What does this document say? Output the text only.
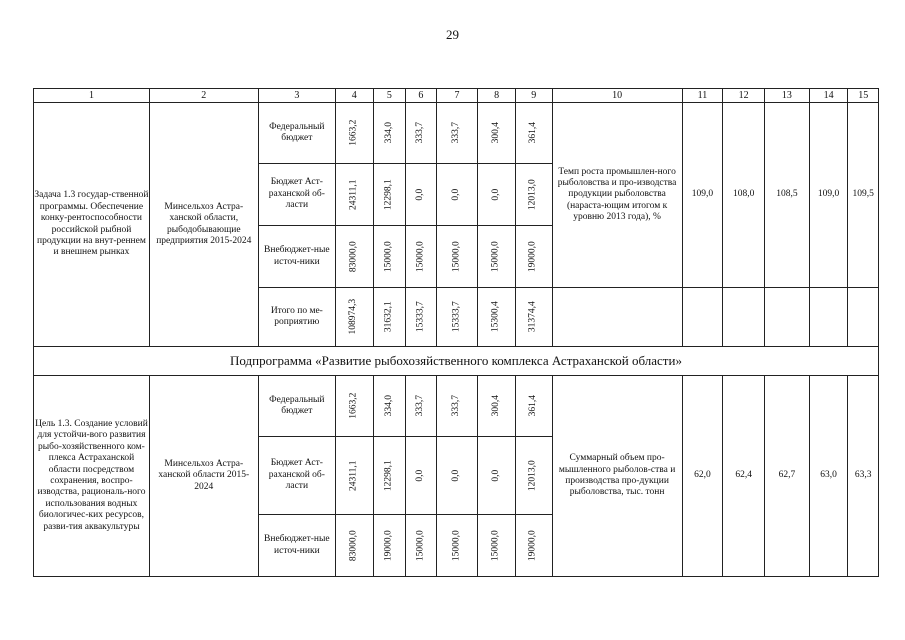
29
1	2	3	4	5	6	7	8	9	10	11	12	13	14	15
Задача 1.3 государ-ственной программы. Обеспечение конку-рентоспособности российской рыбной продукции на внут-реннем и внешнем рынках	Минсельхоз Астра-ханской области, рыбодобывающие предприятия 2015-2024	Федеральный бюджет	1663,2	334,0	333,7	333,7	300,4	361,4	Темп роста промышлен-ного рыболовства и про-изводства продукции рыболовства (нараста-ющим итогом к уровню 2013 года), %	109,0	108,0	108,5	109,0	109,5
		Бюджет Аст-раханской об-ласти	24311,1	12298,1	0,0	0,0	0,0	12013,0						
		Внебюджет-ные источ-ники	83000,0	15000,0	15000,0	15000,0	15000,0	19000,0						
		Итого по ме-роприятию	108974,3	31632,1	15333,7	15333,7	15300,4	31374,4						
Подпрограмма «Развитие рыбохозяйственного комплекса Астраханской области»														
Цель 1.3. Создание условий для устойчи-вого развития рыбо-хозяйственного ком-плекса Астраханской области посредством сохранения, воспро-изводства, рациональ-ного использования водных биологичес-ких ресурсов, разви-тия аквакультуры	Минсельхоз Астра-ханской области 2015-2024	Федеральный бюджет	1663,2	334,0	333,7	333,7	300,4	361,4	Суммарный объем про-мышленного рыболов-ства и производства про-дукции рыболовства, тыс. тонн	62,0	62,4	62,7	63,0	63,3
		Бюджет Аст-раханской об-ласти	24311,1	12298,1	0,0	0,0	0,0	12013,0						
		Внебюджет-ные источ-ники	83000,0	19000,0	15000,0	15000,0	15000,0	19000,0						
